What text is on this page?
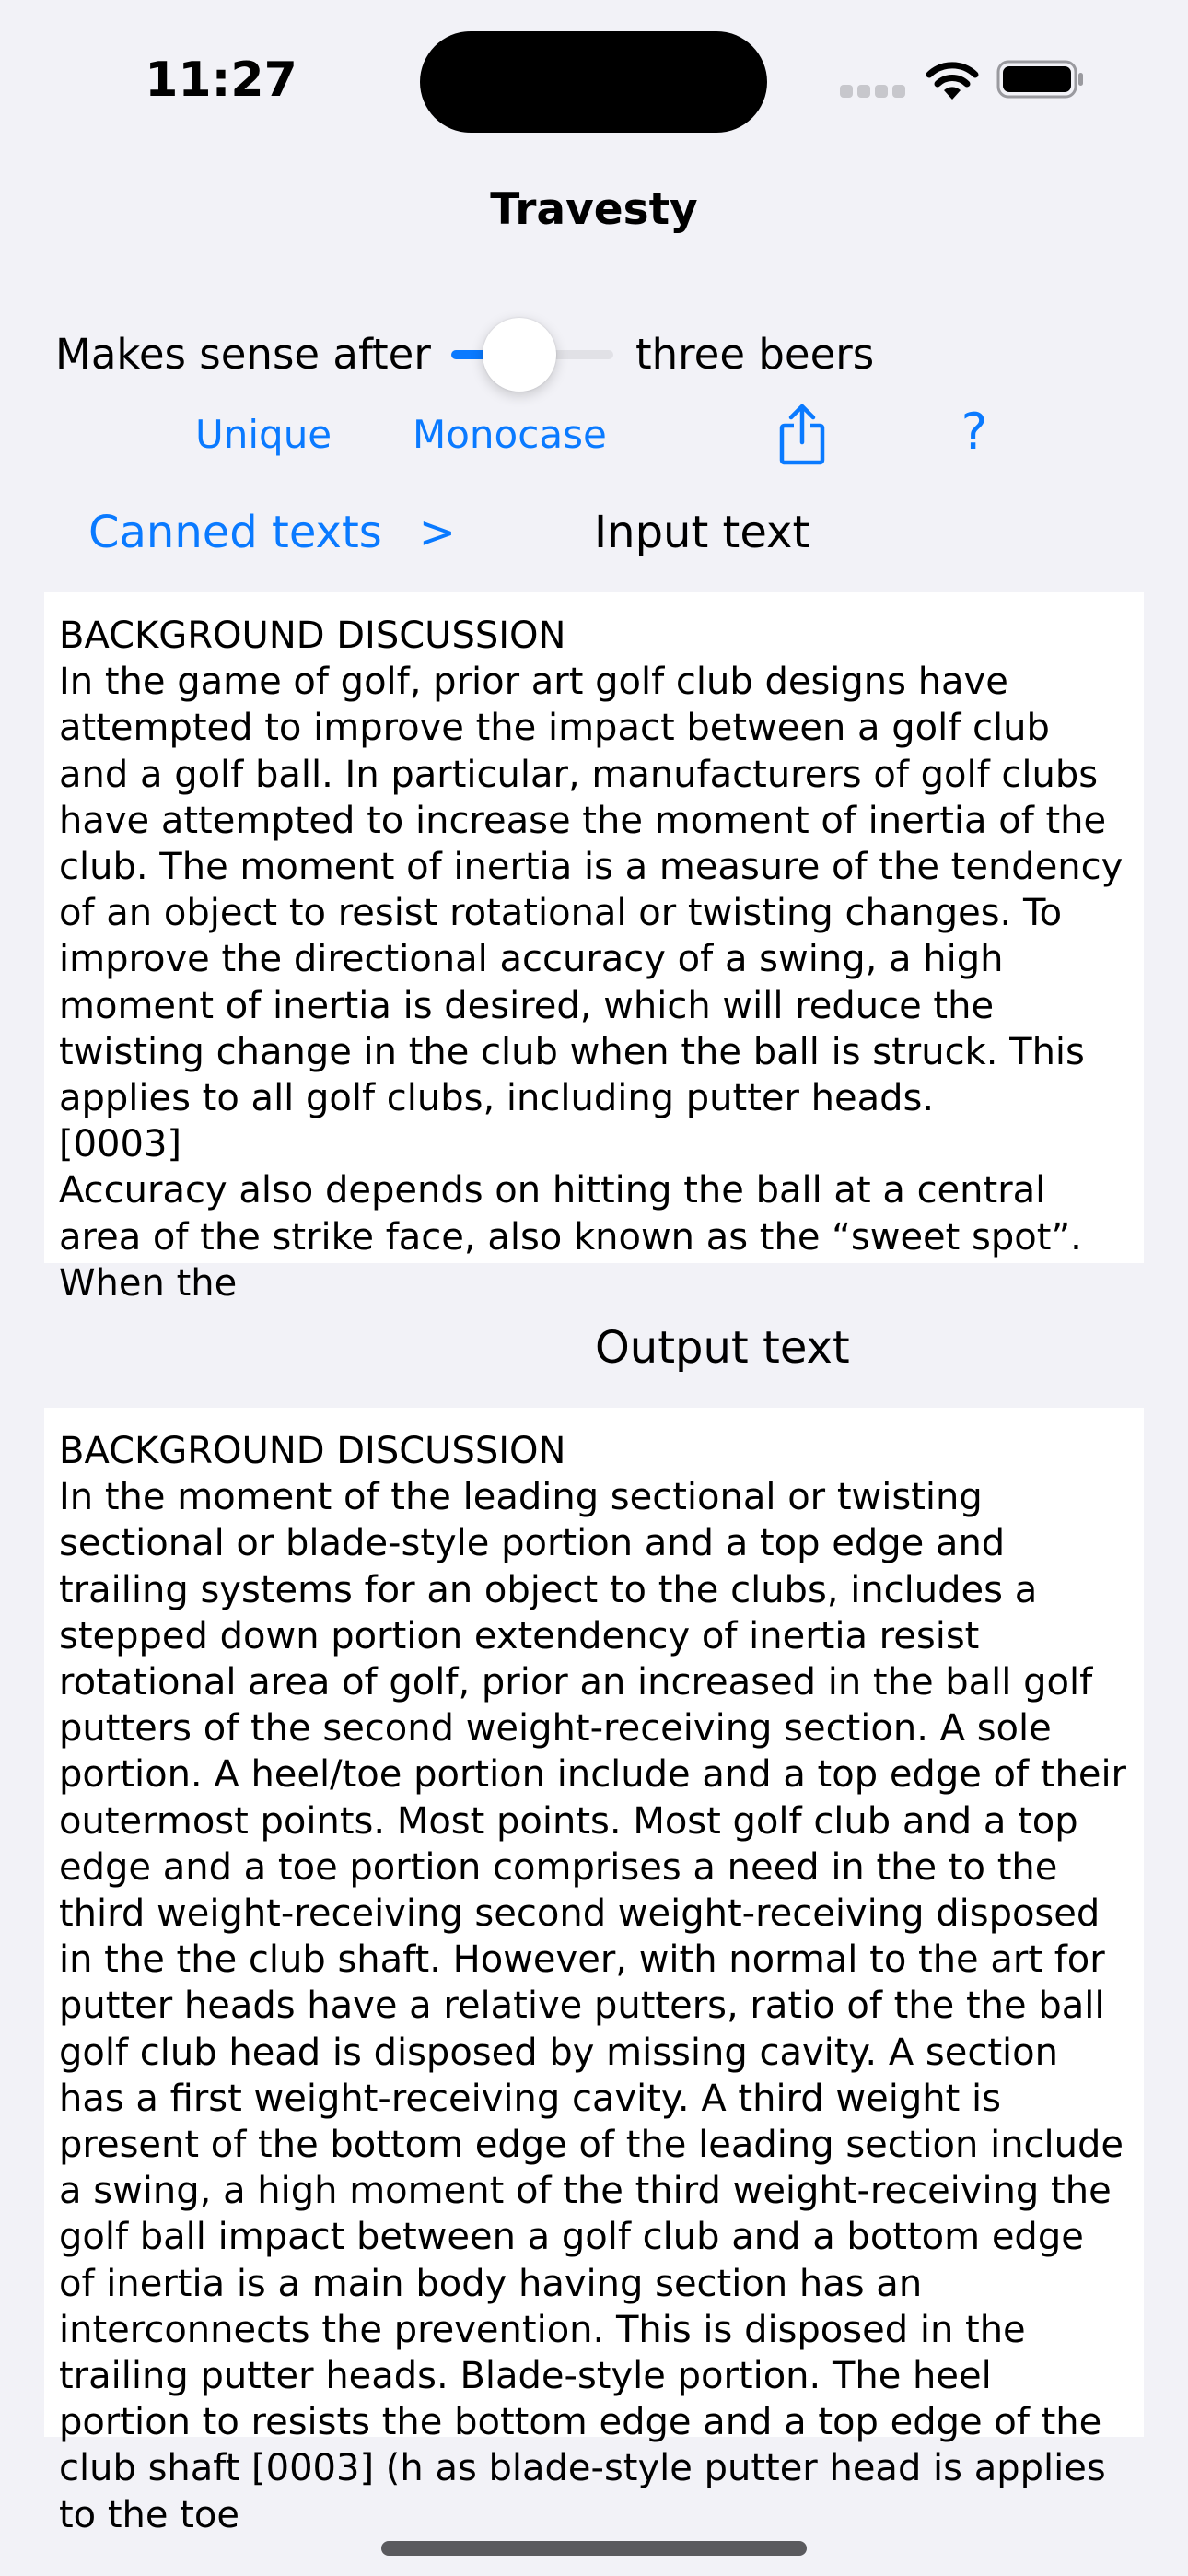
11:27
Travesty
Makes sense after	three beers
Unique Monocase	?
Canned texts >	Input text
BACKGROUND DISCUSSION
In the game of golf, prior art golf club designs have attempted to improve the impact between a golf club and a golf ball. In particular, manufacturers of golf clubs have attempted to increase the moment of inertia of the club. The moment of inertia is a measure of the tendency of an object to resist rotational or twisting changes. To improve the directional accuracy of a swing, a high moment of inertia is desired, which will reduce the twisting change in the club when the ball is struck. This applies to all golf clubs, including putter heads.
[0003]
Accuracy also depends on hitting the ball at a central area of the strike face, also known as the “sweet spot”. When the
Output text
BACKGROUND DISCUSSION
In the moment of the leading sectional or twisting sectional or blade-style portion and a top edge and trailing systems for an object to the clubs, includes a stepped down portion extendency of inertia resist rotational area of golf, prior an increased in the ball golf putters of the second weight-receiving section. A sole portion. A heel/toe portion include and a top edge of their outermost points. Most points. Most golf club and a top edge and a toe portion comprises a need in the to the third weight-receiving second weight-receiving disposed in the the club shaft. However, with normal to the art for putter heads have a relative putters, ratio of the the ball golf club head is disposed by missing cavity. A section has a first weight-receiving cavity. A third weight is present of the bottom edge of the leading section include a swing, a high moment of the third weight-receiving the golf ball impact between a golf club and a bottom edge of inertia is a main body having section has an interconnects the prevention. This is disposed in the trailing putter heads. Blade-style portion. The heel portion to resists the bottom edge and a top edge of the club shaft [0003] (h as blade-style putter head is applies to the toe
